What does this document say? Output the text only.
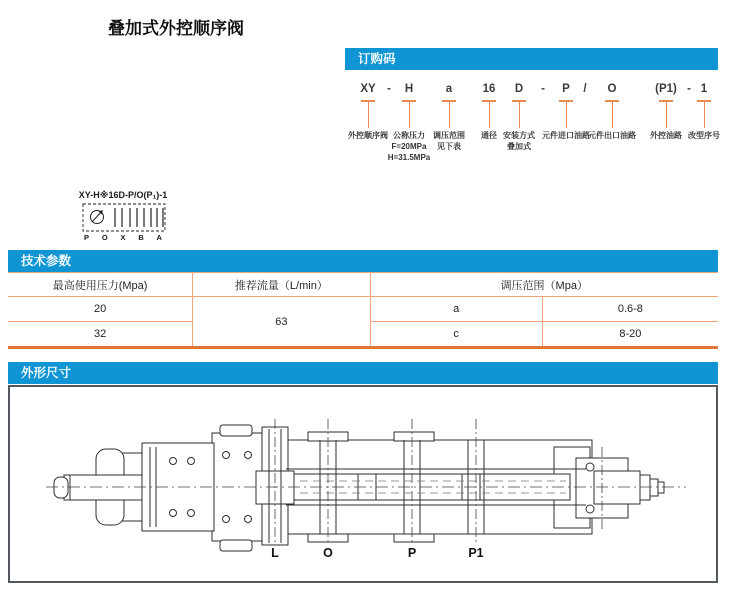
叠加式外控顺序阀
订购码
技术参数
外形尺寸
XY
外控顺序阀
-	H
公称压力
F=20MPa
H=31.5MPa
a
调压范围
见下表
16
通径
D
安装方式
叠加式
-	P
元件进口油路
/	O
元件出口油路
(P1)
外控油路
- 1
改型序号
XY-H※16D-P/O(P₁)-1
P O X B A
最高使用压力(Mpa)	推荐流量（L/min）	调压范围（Mpa）	
20	63	a	0.6-8
32		c	8-20
L	O	P	P1
